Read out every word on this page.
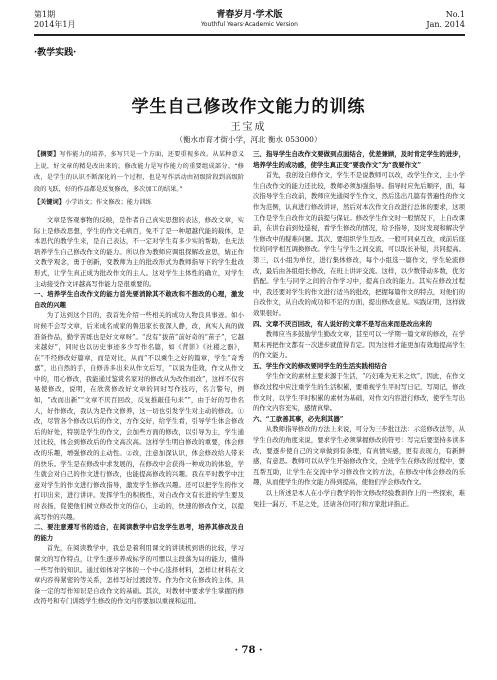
第1期
2014年1月
青春岁月·学术版
Youthful Years·Academic Version
No.1
Jan. 2014
·教学实践·
学生自己修改作文能力的训练
王宝成
（衡水市育才街小学，河北 衡水 053000）
【摘要】写作能力的培养，多写只是一个方面，还要重视多改。从某种意义上说，好文章的精是改出来的。修改能力是写作能力的重要组成部分。“修改，是学生的认识不断深化的一个过程，也是写作活动由初级阶段到高级阶段的飞跃，好的作品都是反复修改，多次加工的结果。”
【关键词】小学语文；作文修改；能力训练

文章是客观事物的反映，是作者自己真实思想的表达，修改文章，实际上是修改思想，学生的作文毛病百，免不了是一种超越代能的载体，是本思代的教学生来，是自己表达，不一定对学生有多少实的帮助，也无法培养学生自己修改作文的能力。所以作为教师应调组探解改意思，婧正作文教学观念，勇于创新，变教师为主的批改形式为教师指导下的学生批改形式，让学生真正成为批改作文的主人。这对学生主体性的确立，对学生主动接受作文评越高写作能力是很重要的。

一、培养学生自改作文的能力首先要消除其不敢改和不想改的心理，激发自改的兴趣

为了达到这个目的，我首先介绍一些相关的成功人物良具事迹。如小时候不会写文章，后来成名成家的鲁迅家长夜深人静，改，真实人真的做准备作品，勤学苦练也是好文章呀”。“没有“拔苗”前好奇的“苗子”，它越来越好”，同时也以历史事迹多少写作名篇，如《背影》《社稷之器》，在“不经修改好篇章，而是对比，从而“不以乘生之好的篇章，学生“奇秀嘉”，出自然的手，自修善多出来从作文后写，“以说为佳效，作文从作文中的，用心修改，我能通过鉴赏名家对的修改从为改作而改”，这样不仅容易使修改，说明，在欣赏修改好文章的同时写作技巧，名言警句，例如，“改而出新”“文章不厌百回改，反复推敲佳句来””，由于好的写作名人，好作修改，我认为是作文修养，这一切也引发学生对主动的修改。①改，尽管各个修改以后的作文，方作交好，给学生看，引导学生体会修改后的好处，特别是学生的作文，会加些方面的修改，以引导为主，学生通过比较，体会到修改后的作文高次高。这样学生明白修改的重要，体会修改的乐趣，增强修改的主动性。②改，注意加深认识，体会修改给人带来的快乐。学生是在修改中求发展的，在修改中会获得一种成功的体验，学生就会对自己的作文进行修改，也能提高修改的兴趣。我在平时教学中注意对学生的作文进行修改指导，激发学生修改兴趣。还可以把学生的作文打印出来，进行讲评。发挥学生的积极性，对自改作文有长进的学生要及时表扬，促使他们树立修改作文的信心，主动的，快速的修改作文，以提高写作的兴趣。

二、要注意遵写书的适合，在阅读教学中启发学生思考，培养其修改及自的能力

首先，在阅读教学中，我总是着利用课文的讲读机到语的比较，学习课文的写作特点，让学生逐步养成标学的可惯以主段落为局的能力，懂得一些写作的知识。通过如体对字体的一个中心选择材料，怎样让材料在文章内容得紧密的等关系，怎样写好过渡段等。作为作文在修改的主体，具备一定的写作知识是自改作文的基础。其次，对教材中要求学生掌握的修改符号和专门训练学生修改的作文内容要加以重视和运用。

三、指导学生自改作文要做到点面结合，优差兼顾，及时肯定学生的进步，培养学生的成功感，使学生真正变“要我作文”为“我要作文”

首先，我创设自修作文，学生不是说教师可以改，改学生作文，主小学生自改作文的能力还比较，教师必须加强指导。指导时应先后顺序，面，每次指导学生自改前，教师应先通阅学生作文，然后选出几篇有普遍性的作文作为范例，认真进行修改讲评，然后对本次作文自改进行总体的要求，这项工作是学生自改作文的前提与保证。修改学生作文时一般情况下，上自改课前，在讲台前到处巡视，看学生修改的情况，给予指导，及时发现和解决学生修改中的疑难问题。其次，要组织学生互改。一般可同桌互改，或前后座位的同学相互调换修改。学生与学生之间交流，可以取长补短，共同提高。第三，以小组为单位，进行集体修改，每个小组选一篇作文，学生轮流修改，最后由各组组长修改，在班上讲评交流。这样，以少数带动多数，优劣搭配。学生与同学之间的合作学习中，提高自改的能力。其实在修改过程中，我还要对学生的作文进行适当的批改，把握每篇作文的特点，对他们的自改作文，从自改的成功和不足的方面，提出修改意见。实践证明，这样做效果很好。

四、文章不厌百回改，有人说好的文章不是写出来而是改出来的

教师应当多鼓励学生勤改文章，甚至可以一学期一篇文章的修改，在学期末再把作文都有一次进步就值得肯定。因为这样才能更加有效地提高学生的作文能力。

五、学生作文的修改要同学生的生活实践相结合

学生作文的素材主要来源于生活，“巧妇难为无米之炊”，因此，在作文修改过程中应注重学生的生活积累，要重视学生平时写日记，写周记，修改作文时，以学生平时积累的素材为基础，对作文内容进行修改，使学生写出的作文内容充实，感情真挚。

六、“工欲善其事，必先利其器”

从教师指导修改的方法上来说，可分为三步批注法：示范修改法等，从学生自改的角度来说，要求学生必须掌握修改的符号：写完后要坚持多读多改，要逐步使自己的文章做到有条理，有真情实感，更有表现力，有新鲜感，有意思。教师可以从学生开始修改作文，全班学生在修改的过程中，要互帮互助，让学生在交流中学习修改作文的方法，在修改中体会修改的乐趣，从而使学生的作文能力得到提高，使他们学会修改作文。

以上所述是本人在小学自教学的作文修改经验教训作上的一些探索，难免挂一漏万，不足之处，还请各位同行和方家批评指正。

· 78 ·
